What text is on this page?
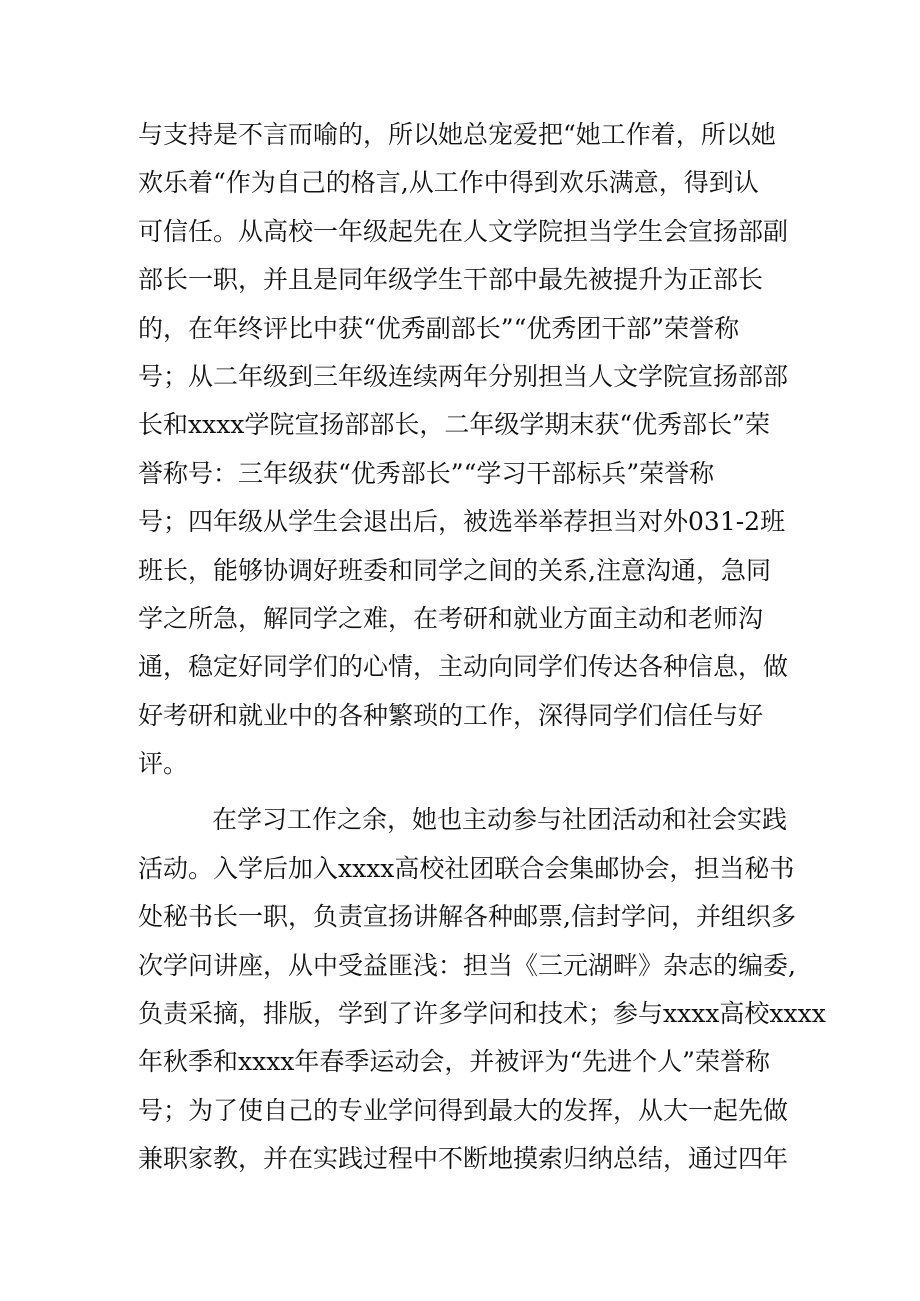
与支持是不言而喻的，所以她总宠爱把“她工作着，所以她
欢乐着“作为自己的格言,从工作中得到欢乐满意，得到认
可信任。从高校一年级起先在人文学院担当学生会宣扬部副
部长一职，并且是同年级学生干部中最先被提升为正部长
的，在年终评比中获“优秀副部长”“优秀团干部”荣誉称
号；从二年级到三年级连续两年分别担当人文学院宣扬部部
长和xxxx学院宣扬部部长，二年级学期末获“优秀部长”荣
誉称号：三年级获“优秀部长”“学习干部标兵”荣誉称
号；四年级从学生会退出后，被选举举荐担当对外031-2班
班长，能够协调好班委和同学之间的关系,注意沟通，急同
学之所急，解同学之难，在考研和就业方面主动和老师沟
通，稳定好同学们的心情，主动向同学们传达各种信息，做
好考研和就业中的各种繁琐的工作，深得同学们信任与好
评。
在学习工作之余，她也主动参与社团活动和社会实践
活动。入学后加入xxxx高校社团联合会集邮协会，担当秘书
处秘书长一职，负责宣扬讲解各种邮票,信封学问，并组织多
次学问讲座，从中受益匪浅：担当《三元湖畔》杂志的编委,
负责采摘，排版，学到了许多学问和技术；参与xxxx高校xxxx
年秋季和xxxx年春季运动会，并被评为“先进个人”荣誉称
号；为了使自己的专业学问得到最大的发挥，从大一起先做
兼职家教，并在实践过程中不断地摸索归纳总结，通过四年
